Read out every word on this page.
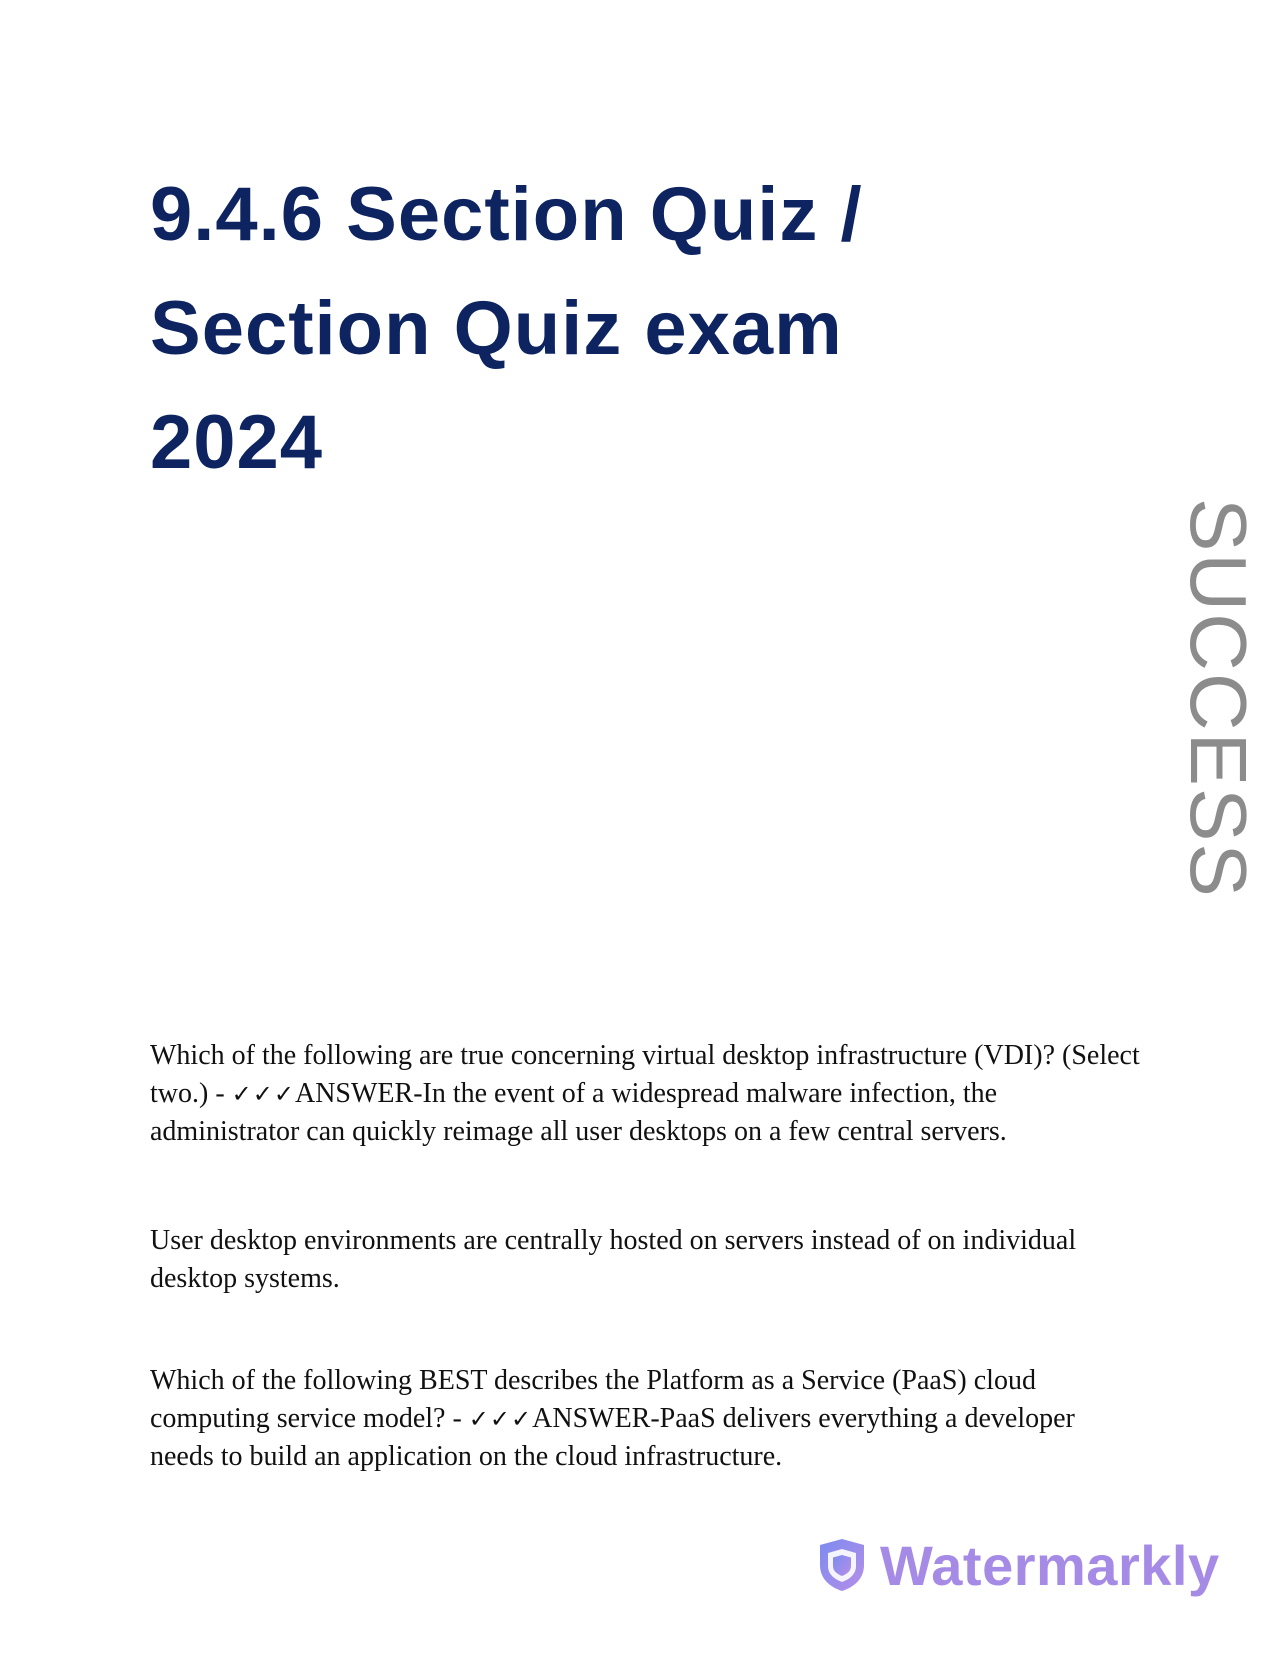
9.4.6 Section Quiz /
Section Quiz exam
2024
SUCCESS

Which of the following are true concerning virtual desktop infrastructure (VDI)? (Select two.) - ✓✓✓ANSWER-In the event of a widespread malware infection, the administrator can quickly reimage all user desktops on a few central servers.

User desktop environments are centrally hosted on servers instead of on individual desktop systems.

Which of the following BEST describes the Platform as a Service (PaaS) cloud computing service model? - ✓✓✓ANSWER-PaaS delivers everything a developer needs to build an application on the cloud infrastructure.

Watermarkly
